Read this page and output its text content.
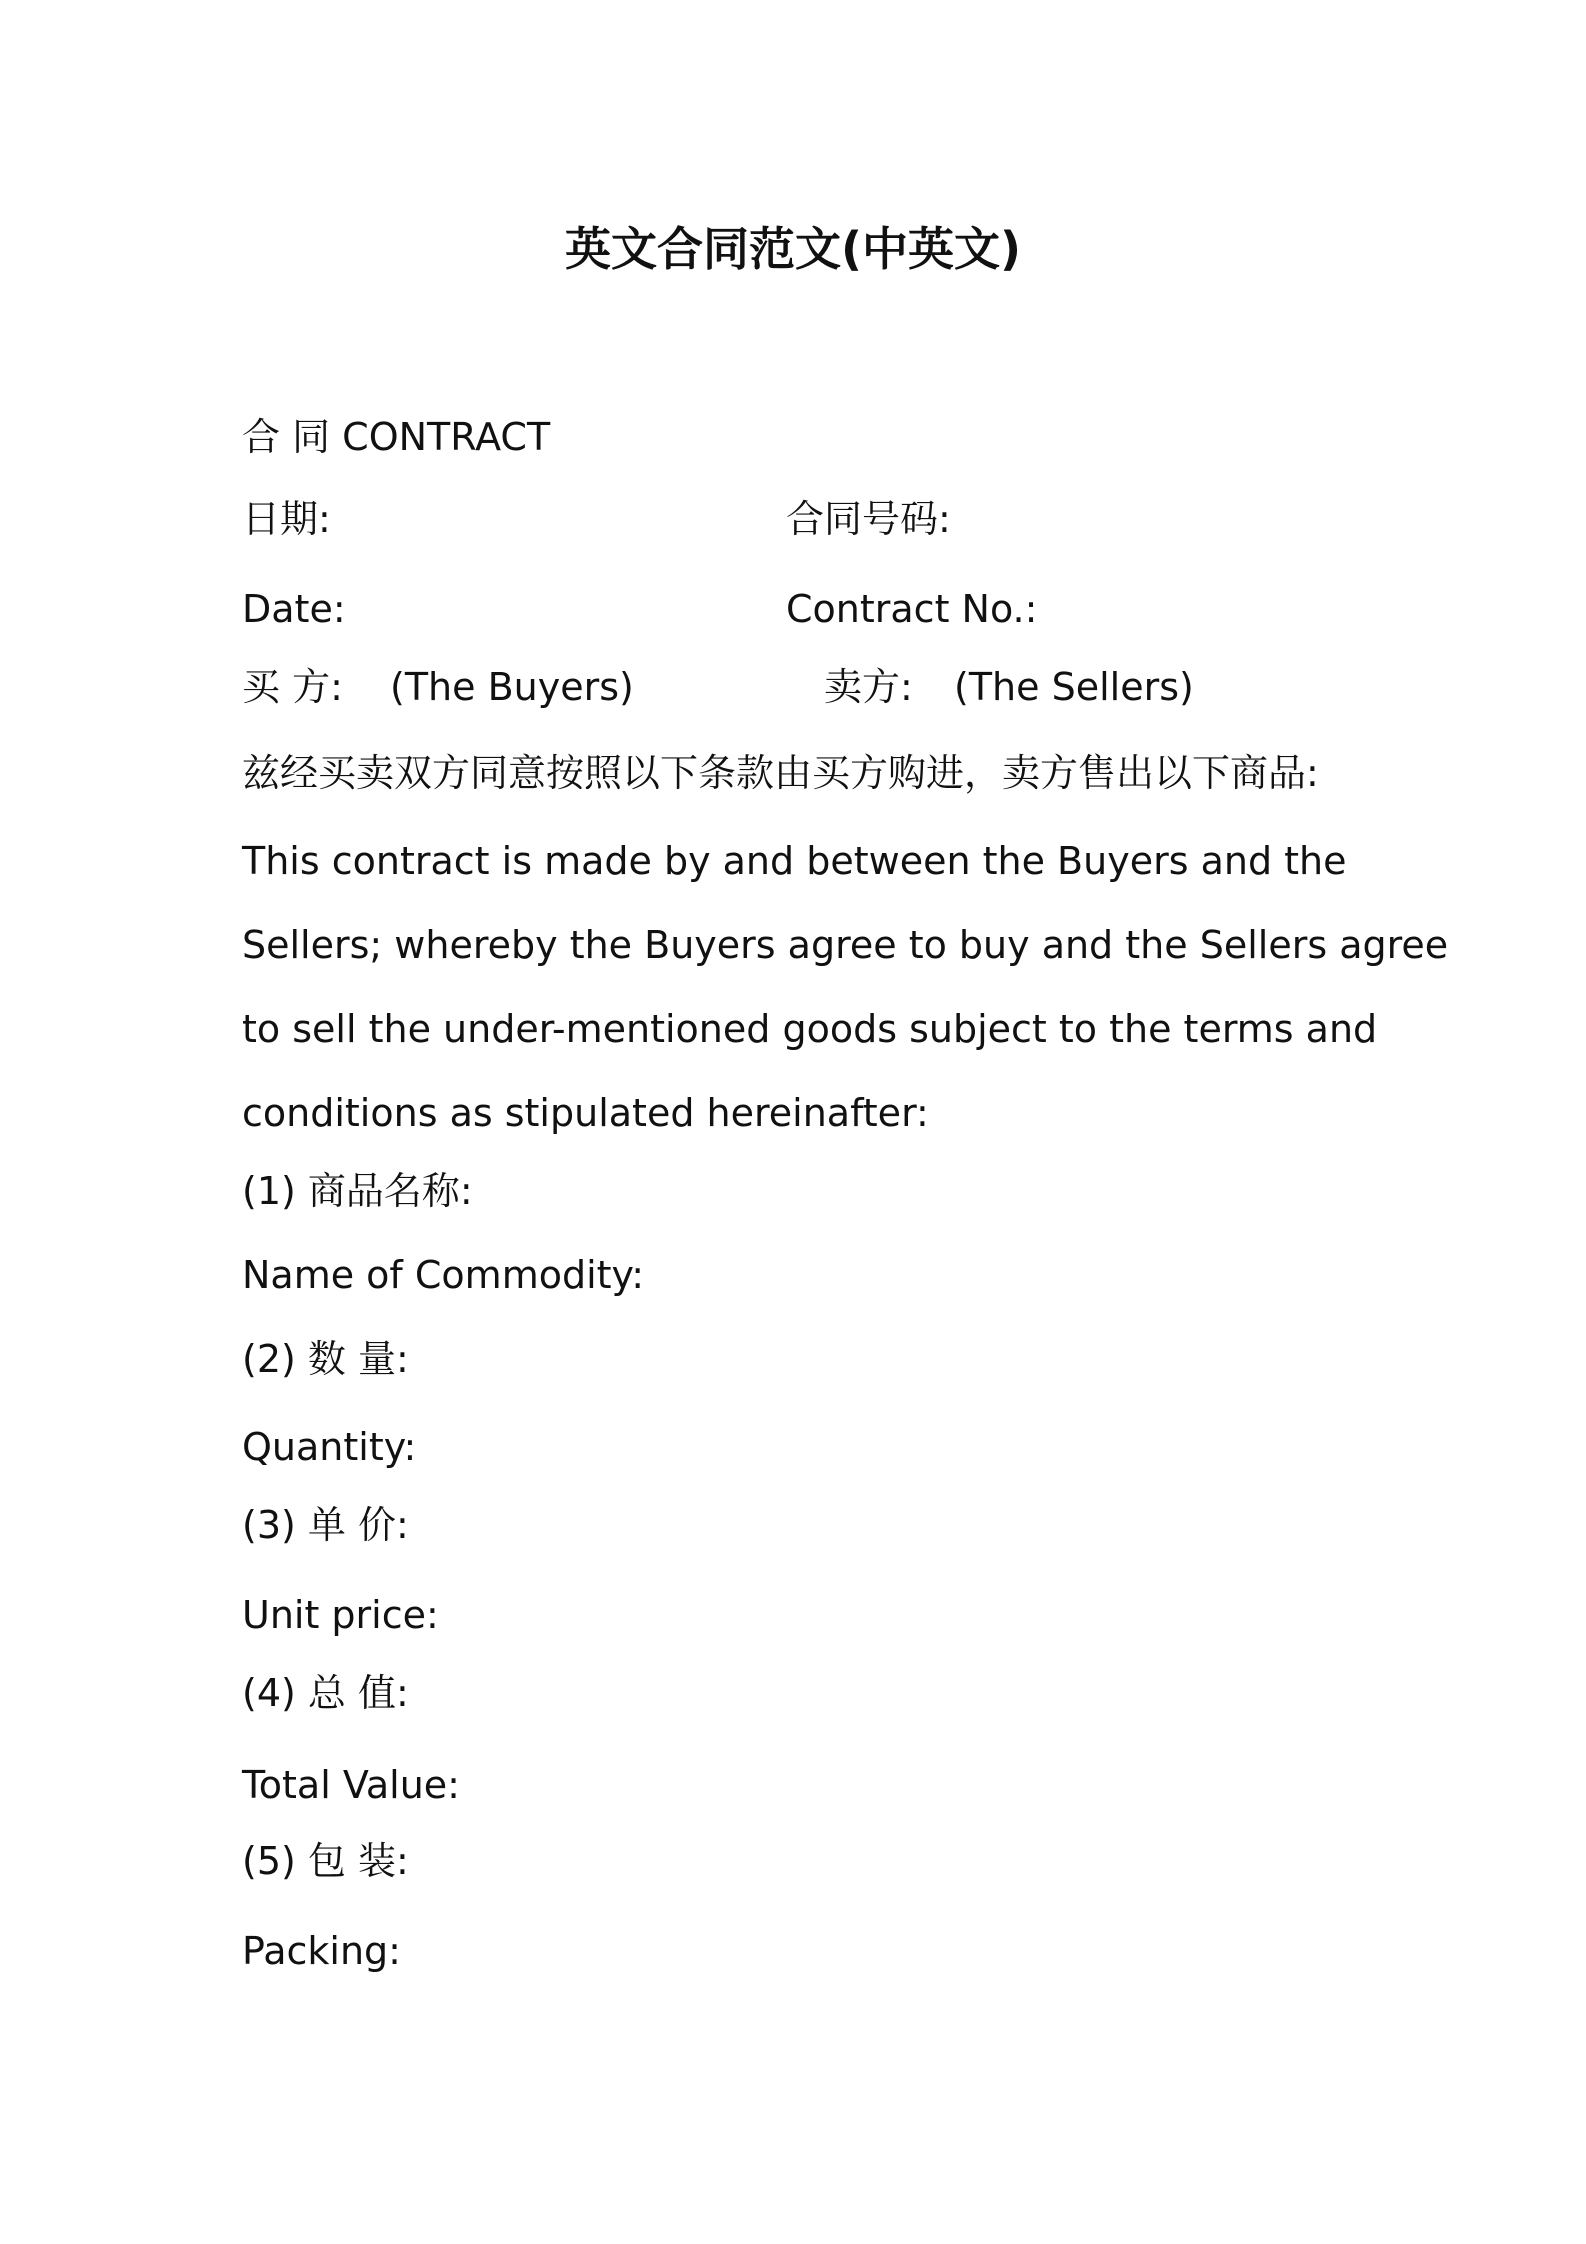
英文合同范文(中英文)
合 同 CONTRACT
日期:	合同号码:
Date:	Contract No.:
买 方: (The Buyers)	卖方: (The Sellers)
兹经买卖双方同意按照以下条款由买方购进，卖方售出以下商品:
This contract is made by and between the Buyers and the
Sellers; whereby the Buyers agree to buy and the Sellers agree
to sell the under-mentioned goods subject to the terms and
conditions as stipulated hereinafter:
(1) 商品名称:
Name of Commodity:
(2) 数 量:
Quantity:
(3) 单 价:
Unit price:
(4) 总 值:
Total Value:
(5) 包 装:
Packing:
